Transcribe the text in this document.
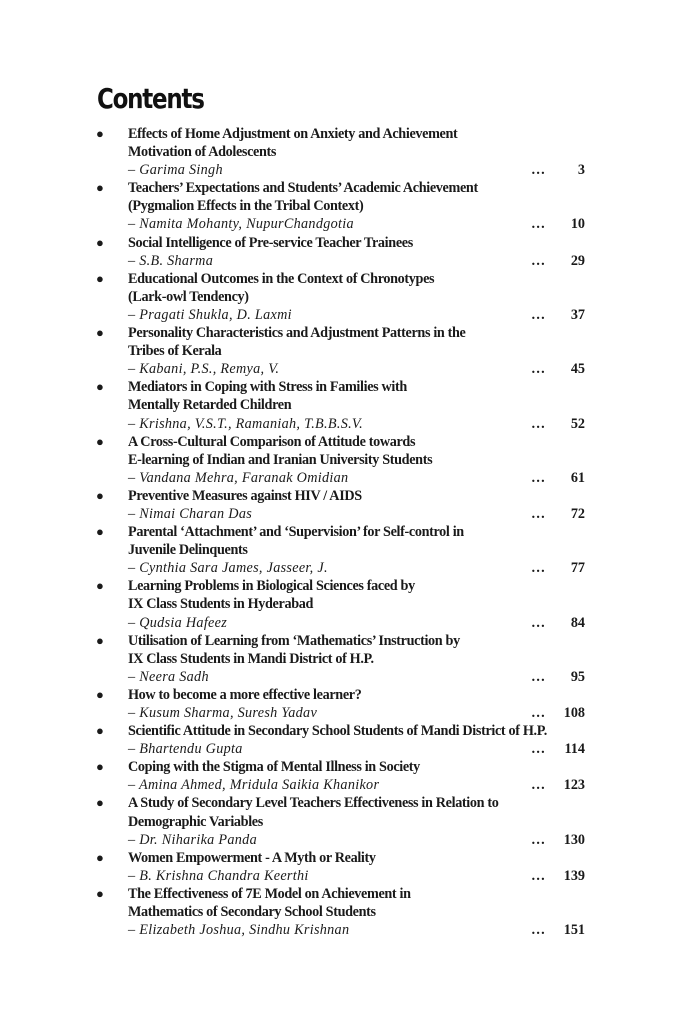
Contents
● Effects of Home Adjustment on Anxiety and Achievement
Motivation of Adolescents
– Garima Singh	… 3
● Teachers’ Expectations and Students’ Academic Achievement
(Pygmalion Effects in the Tribal Context)
– Namita Mohanty, NupurChandgotia	… 10
● Social Intelligence of Pre-service Teacher Trainees
– S.B. Sharma	… 29
● Educational Outcomes in the Context of Chronotypes
(Lark-owl Tendency)
– Pragati Shukla, D. Laxmi	… 37
● Personality Characteristics and Adjustment Patterns in the
Tribes of Kerala
– Kabani, P.S., Remya, V.	… 45
● Mediators in Coping with Stress in Families with
Mentally Retarded Children
– Krishna, V.S.T., Ramaniah, T.B.B.S.V.	… 52
● A Cross-Cultural Comparison of Attitude towards
E-learning of Indian and Iranian University Students
– Vandana Mehra, Faranak Omidian	… 61
● Preventive Measures against HIV / AIDS
– Nimai Charan Das	… 72
● Parental ‘Attachment’ and ‘Supervision’ for Self-control in
Juvenile Delinquents
– Cynthia Sara James, Jasseer, J.	… 77
● Learning Problems in Biological Sciences faced by
IX Class Students in Hyderabad
– Qudsia Hafeez	… 84
● Utilisation of Learning from ‘Mathematics’ Instruction by
IX Class Students in Mandi District of H.P.
– Neera Sadh	… 95
● How to become a more effective learner?
– Kusum Sharma, Suresh Yadav	… 108
● Scientific Attitude in Secondary School Students of Mandi District of H.P.
– Bhartendu Gupta	… 114
● Coping with the Stigma of Mental Illness in Society
– Amina Ahmed, Mridula Saikia Khanikor	… 123
● A Study of Secondary Level Teachers Effectiveness in Relation to
Demographic Variables
– Dr. Niharika Panda	… 130
● Women Empowerment - A Myth or Reality
– B. Krishna Chandra Keerthi	… 139
● The Effectiveness of 7E Model on Achievement in
Mathematics of Secondary School Students
– Elizabeth Joshua, Sindhu Krishnan	… 151
